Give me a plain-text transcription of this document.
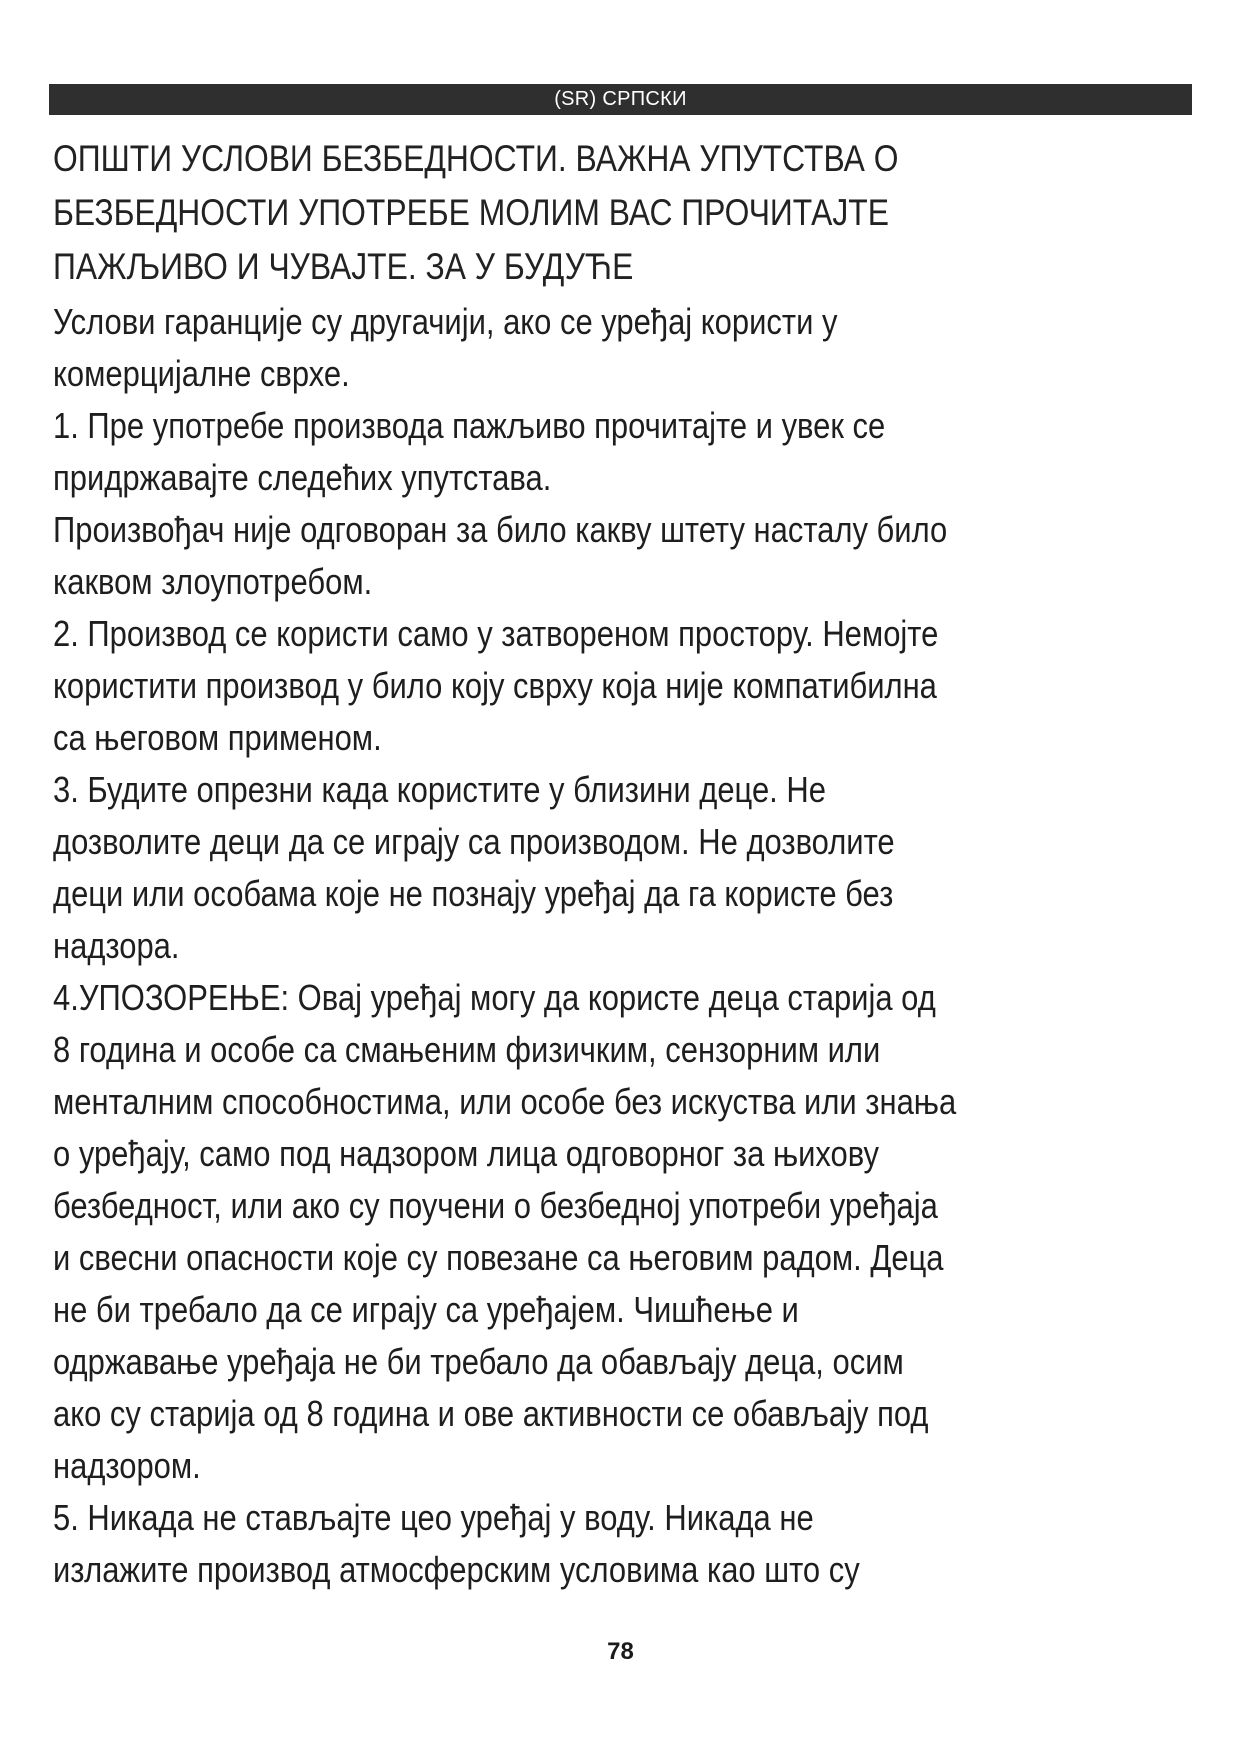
(SR) СРПСКИ
ОПШТИ УСЛОВИ БЕЗБЕДНОСТИ. ВАЖНА УПУТСТВА О
БЕЗБЕДНОСТИ УПОТРЕБЕ МОЛИМ ВАС ПРОЧИТАЈТЕ
ПАЖЉИВО И ЧУВАЈТЕ. ЗА У БУДУЋЕ
Услови гаранције су другачији, ако се уређај користи у
комерцијалне сврхе.
1. Пре употребе производа пажљиво прочитајте и увек се
придржавајте следећих упутстава.
Произвођач није одговоран за било какву штету насталу било
каквом злоупотребом.
2. Производ се користи само у затвореном простору. Немојте
користити производ у било коју сврху која није компатибилна
са његовом применом.
3. Будите опрезни када користите у близини деце. Не
дозволите деци да се играју са производом. Не дозволите
деци или особама које не познају уређај да га користе без
надзора.
4.УПОЗОРЕЊЕ: Овај уређај могу да користе деца старија од
8 година и особе са смањеним физичким, сензорним или
менталним способностима, или особе без искуства или знања
о уређају, само под надзором лица одговорног за њихову
безбедност, или ако су поучени о безбедној употреби уређаја
и свесни опасности које су повезане са његовим радом. Деца
не би требало да се играју са уређајем. Чишћење и
одржавање уређаја не би требало да обављају деца, осим
ако су старија од 8 година и ове активности се обављају под
надзором.
5. Никада не стављајте цео уређај у воду. Никада не
излажите производ атмосферским условима као што су
78
